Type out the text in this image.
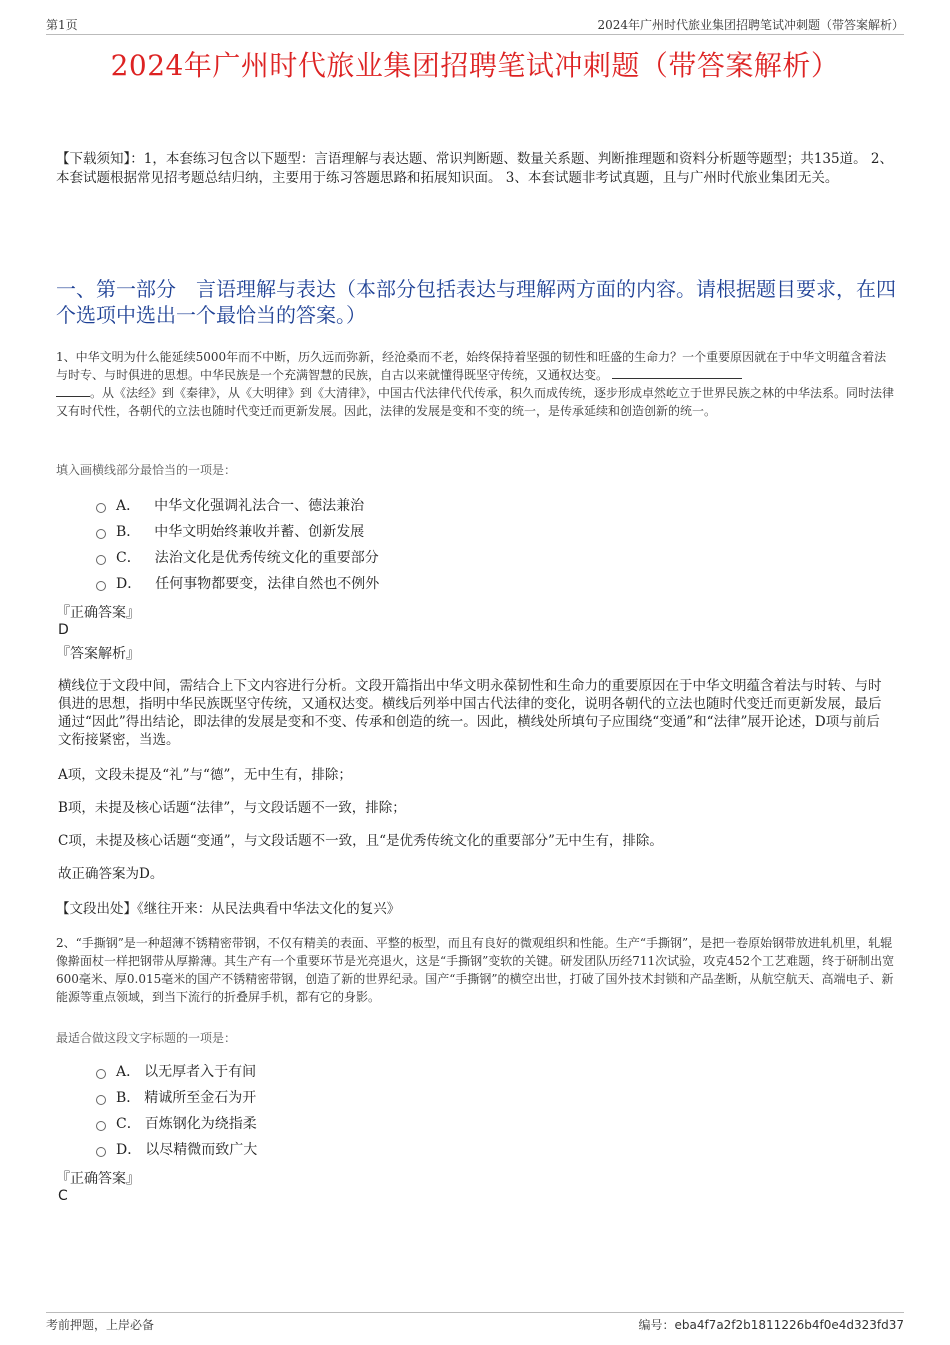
第1页	2024年广州时代旅业集团招聘笔试冲刺题（带答案解析）
2024年广州时代旅业集团招聘笔试冲刺题（带答案解析）
【下载须知】：1，本套练习包含以下题型：言语理解与表达题、常识判断题、数量关系题、判断推理题和资料分析题等题型；共135道。 2、本套试题根据常见招考题总结归纳，主要用于练习答题思路和拓展知识面。 3、本套试题非考试真题，且与广州时代旅业集团无关。
一、第一部分　言语理解与表达（本部分包括表达与理解两方面的内容。请根据题目要求，在四个选项中选出一个最恰当的答案。）
1、中华文明为什么能延续5000年而不中断，历久远而弥新，经沧桑而不老，始终保持着坚强的韧性和旺盛的生命力？一个重要原因就在于中华文明蕴含着法与时专、与时俱进的思想。中华民族是一个充满智慧的民族，自古以来就懂得既坚守传统，又通权达变。
。从《法经》到《秦律》，从《大明律》到《大清律》，中国古代法律代代传承，积久而成传统，逐步形成卓然屹立于世界民族之林的中华法系。同时法律又有时代性，各朝代的立法也随时代变迁而更新发展。因此，法律的发展是变和不变的统一，是传承延续和创造创新的统一。
填入画横线部分最恰当的一项是：
A． 中华文化强调礼法合一、德法兼治
B． 中华文明始终兼收并蓄、创新发展
C． 法治文化是优秀传统文化的重要部分
D． 任何事物都要变，法律自然也不例外
『正确答案』
D
『答案解析』
横线位于文段中间，需结合上下文内容进行分析。文段开篇指出中华文明永葆韧性和生命力的重要原因在于中华文明蕴含着法与时转、与时俱进的思想，指明中华民族既坚守传统，又通权达变。横线后列举中国古代法律的变化，说明各朝代的立法也随时代变迁而更新发展，最后通过“因此”得出结论，即法律的发展是变和不变、传承和创造的统一。因此，横线处所填句子应围绕“变通”和“法律”展开论述，D项与前后文衔接紧密，当选。
A项，文段未提及“礼”与“德”，无中生有，排除；
B项，未提及核心话题“法律”，与文段话题不一致，排除；
C项，未提及核心话题“变通”，与文段话题不一致，且“是优秀传统文化的重要部分”无中生有，排除。
故正确答案为D。
【文段出处】《继往开来：从民法典看中华法文化的复兴》
2、“手撕钢”是一种超薄不锈精密带钢，不仅有精美的表面、平整的板型，而且有良好的微观组织和性能。生产“手撕钢”，是把一卷原始钢带放进轧机里，轧辊像擀面杖一样把钢带从厚擀薄。其生产有一个重要环节是光亮退火，这是“手撕钢”变软的关键。研发团队历经711次试验，攻克452个工艺难题，终于研制出宽600毫米、厚0.015毫米的国产不锈精密带钢，创造了新的世界纪录。国产“手撕钢”的横空出世，打破了国外技术封锁和产品垄断，从航空航天、高端电子、新能源等重点领域，到当下流行的折叠屏手机，都有它的身影。
最适合做这段文字标题的一项是：
A． 以无厚者入于有间
B． 精诚所至金石为开
C． 百炼钢化为绕指柔
D． 以尽精微而致广大
『正确答案』
C
考前押题，上岸必备	编号：eba4f7a2f2b1811226b4f0e4d323fd37
